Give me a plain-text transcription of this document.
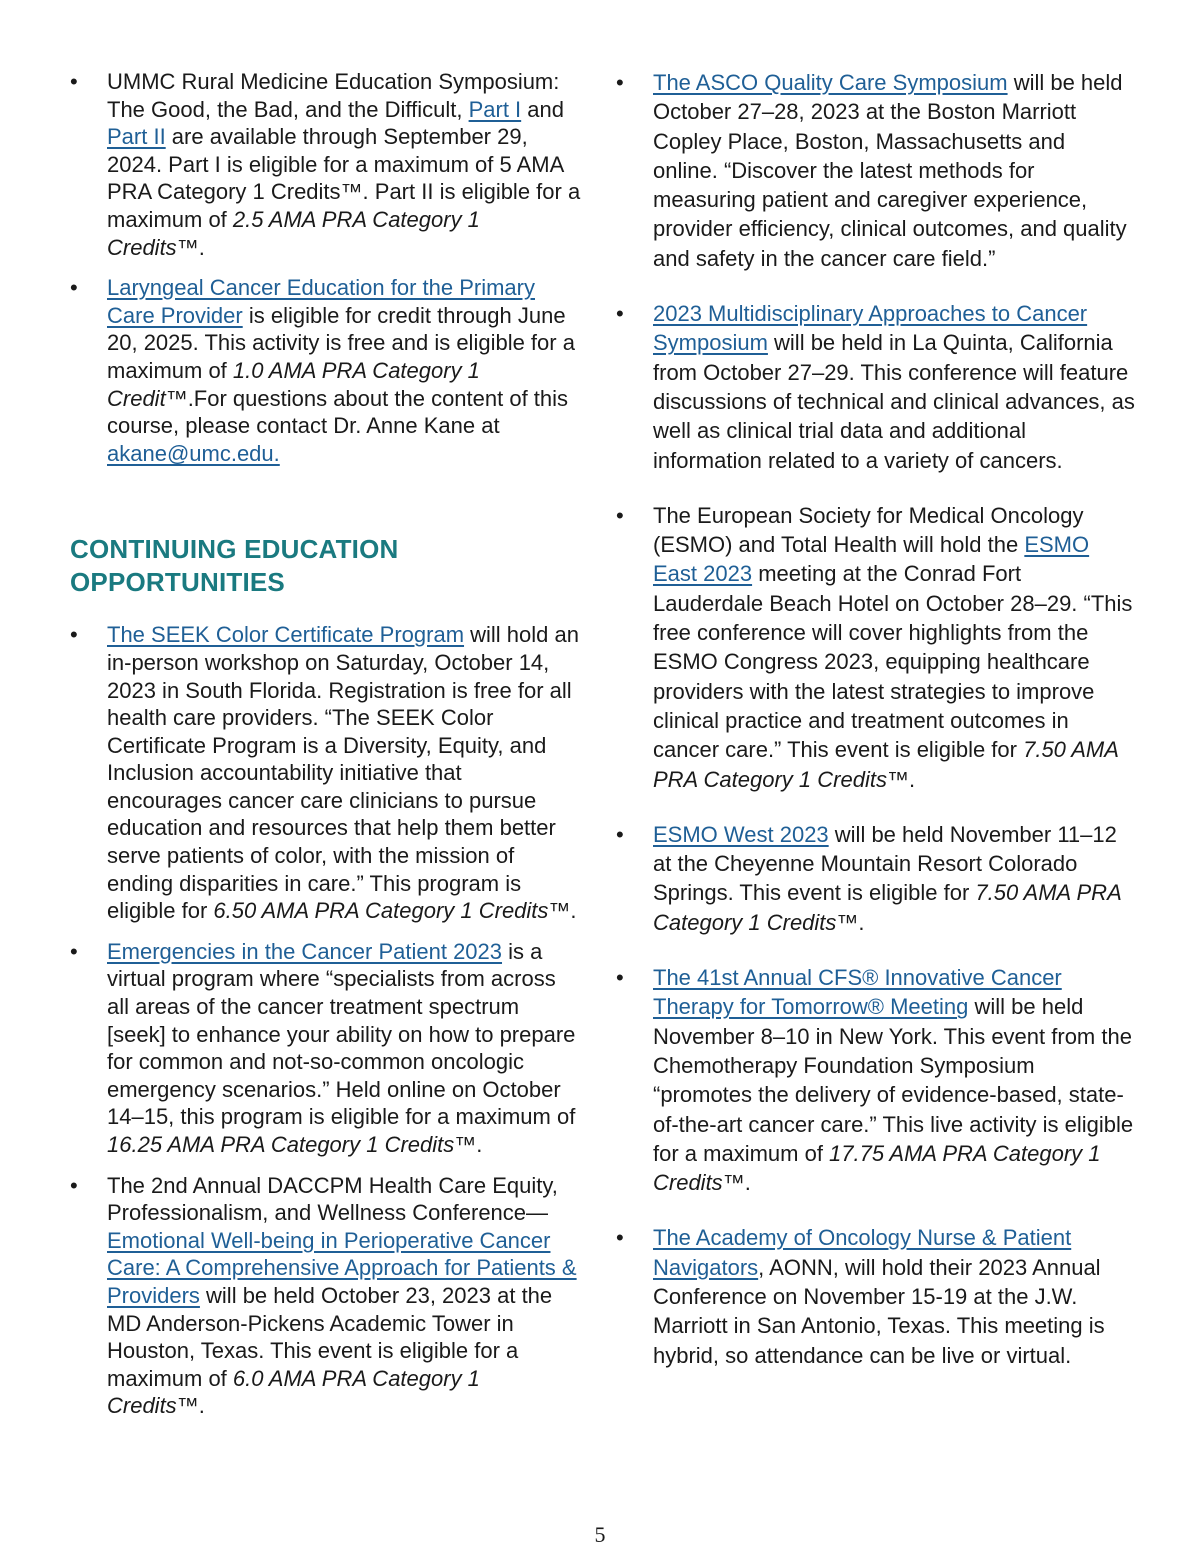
• UMMC Rural Medicine Education Symposium: The Good, the Bad, and the Difficult, Part I and Part II are available through September 29, 2024. Part I is eligible for a maximum of 5 AMA PRA Category 1 Credits™. Part II is eligible for a maximum of 2.5 AMA PRA Category 1 Credits™.
• Laryngeal Cancer Education for the Primary Care Provider is eligible for credit through June 20, 2025. This activity is free and is eligible for a maximum of 1.0 AMA PRA Category 1 Credit™.For questions about the content of this course, please contact Dr. Anne Kane at akane@umc.edu.
CONTINUING EDUCATION OPPORTUNITIES
• The SEEK Color Certificate Program will hold an in-person workshop on Saturday, October 14, 2023 in South Florida. Registration is free for all health care providers. “The SEEK Color Certificate Program is a Diversity, Equity, and Inclusion accountability initiative that encourages cancer care clinicians to pursue education and resources that help them better serve patients of color, with the mission of ending disparities in care.” This program is eligible for 6.50 AMA PRA Category 1 Credits™.
• Emergencies in the Cancer Patient 2023 is a virtual program where “specialists from across all areas of the cancer treatment spectrum [seek] to enhance your ability on how to prepare for common and not-so-common oncologic emergency scenarios.” Held online on October 14–15, this program is eligible for a maximum of 16.25 AMA PRA Category 1 Credits™.
• The 2nd Annual DACCPM Health Care Equity, Professionalism, and Wellness Conference—Emotional Well-being in Perioperative Cancer Care: A Comprehensive Approach for Patients & Providers will be held October 23, 2023 at the MD Anderson-Pickens Academic Tower in Houston, Texas. This event is eligible for a maximum of 6.0 AMA PRA Category 1 Credits™.
• The ASCO Quality Care Symposium will be held October 27–28, 2023 at the Boston Marriott Copley Place, Boston, Massachusetts and online. “Discover the latest methods for measuring patient and caregiver experience, provider efficiency, clinical outcomes, and quality and safety in the cancer care field.”
• 2023 Multidisciplinary Approaches to Cancer Symposium will be held in La Quinta, California from October 27–29. This conference will feature discussions of technical and clinical advances, as well as clinical trial data and additional information related to a variety of cancers.
• The European Society for Medical Oncology (ESMO) and Total Health will hold the ESMO East 2023 meeting at the Conrad Fort Lauderdale Beach Hotel on October 28–29. “This free conference will cover highlights from the ESMO Congress 2023, equipping healthcare providers with the latest strategies to improve clinical practice and treatment outcomes in cancer care.” This event is eligible for 7.50 AMA PRA Category 1 Credits™.
• ESMO West 2023 will be held November 11–12 at the Cheyenne Mountain Resort Colorado Springs. This event is eligible for 7.50 AMA PRA Category 1 Credits™.
• The 41st Annual CFS® Innovative Cancer Therapy for Tomorrow® Meeting will be held November 8–10 in New York. This event from the Chemotherapy Foundation Symposium “promotes the delivery of evidence-based, state-of-the-art cancer care.” This live activity is eligible for a maximum of 17.75 AMA PRA Category 1 Credits™.
• The Academy of Oncology Nurse & Patient Navigators, AONN, will hold their 2023 Annual Conference on November 15-19 at the J.W. Marriott in San Antonio, Texas. This meeting is hybrid, so attendance can be live or virtual.
5
